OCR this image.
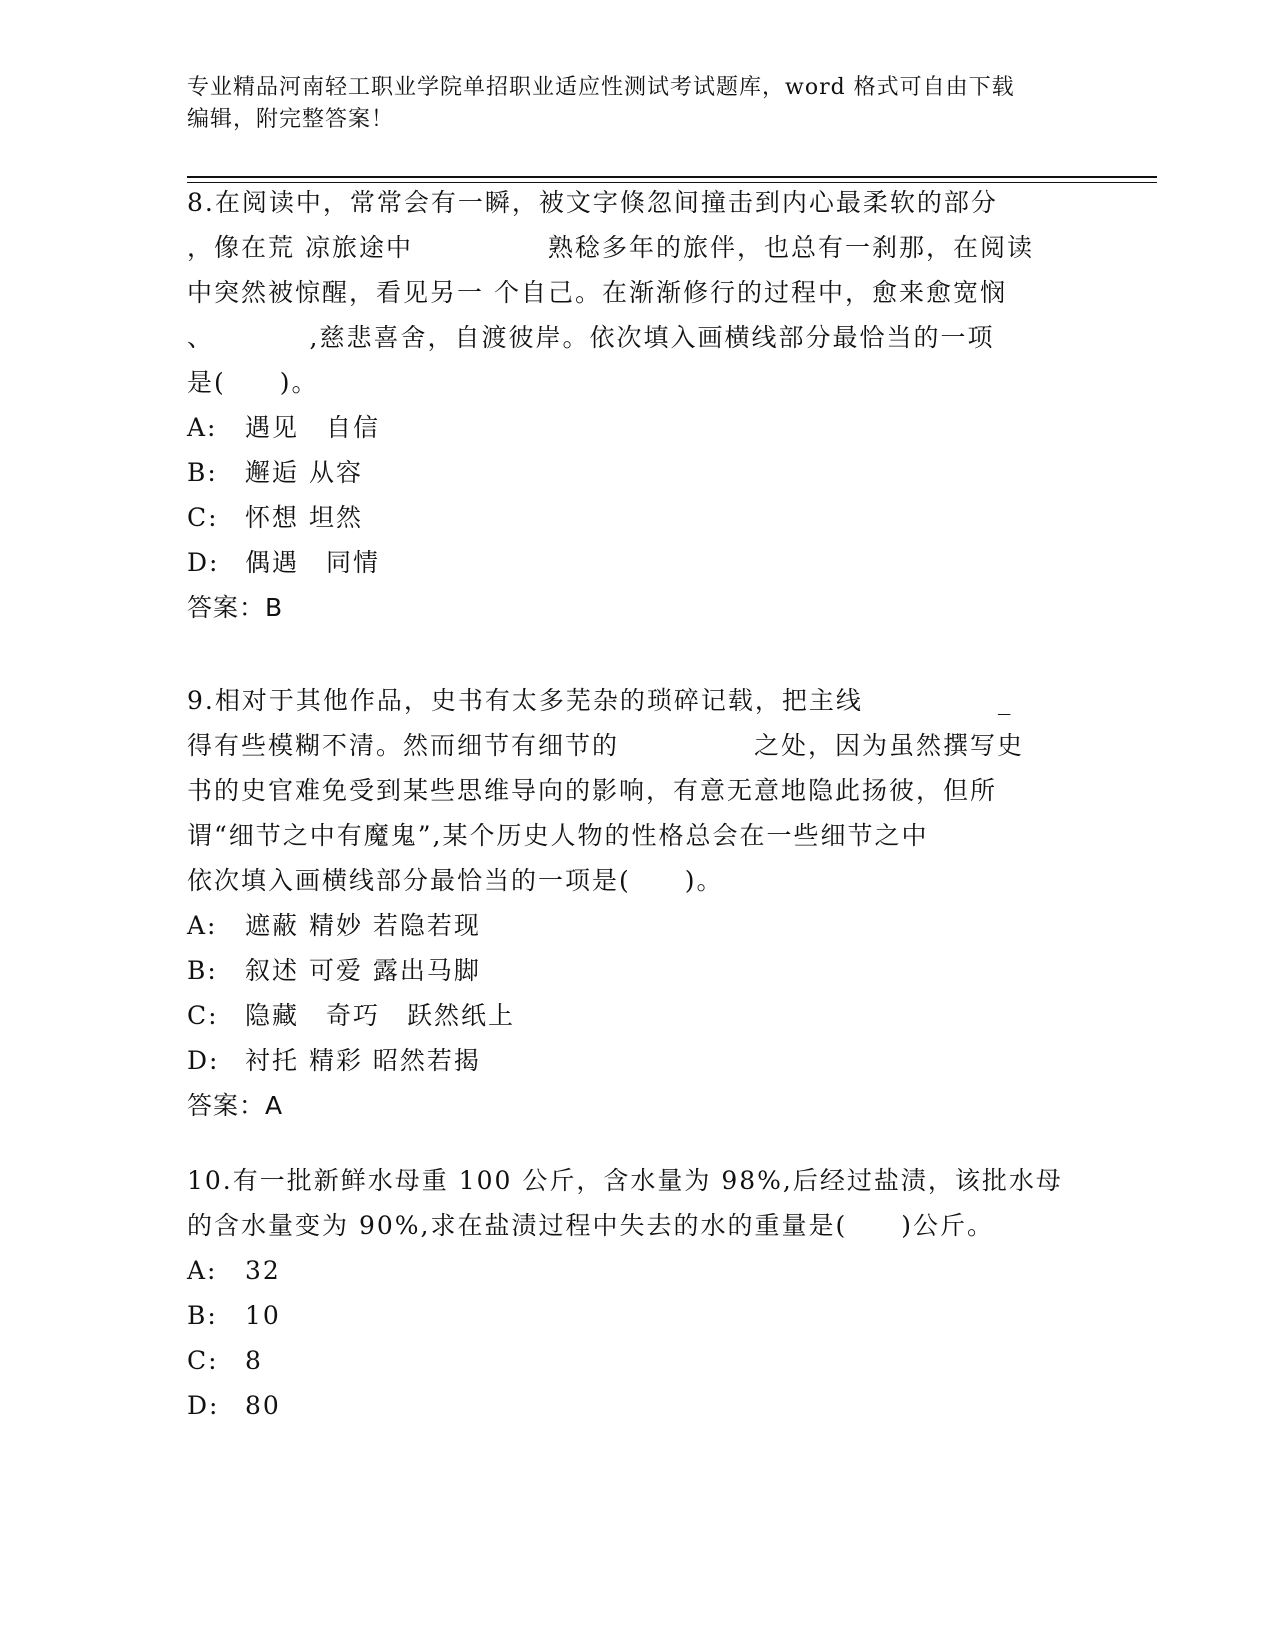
专业精品河南轻工职业学院单招职业适应性测试考试题库，word 格式可自由下载
编辑，附完整答案！
8.在阅读中，常常会有一瞬，被文字倏忽间撞击到内心最柔软的部分
，像在荒 凉旅途中　　　　　熟稔多年的旅伴，也总有一刹那，在阅读
中突然被惊醒，看见另一 个自己。在渐渐修行的过程中，愈来愈宽悯
、　　　　,慈悲喜舍，自渡彼岸。依次填入画横线部分最恰当的一项
是(　　)。
A: 遇见　自信
B: 邂逅 从容
C: 怀想 坦然
D: 偶遇　同情
答案：B
9.相对于其他作品，史书有太多芜杂的琐碎记载，把主线　　　　　_
得有些模糊不清。然而细节有细节的　　　　　之处，因为虽然撰写史
书的史官难免受到某些思维导向的影响，有意无意地隐此扬彼，但所
谓“细节之中有魔鬼”,某个历史人物的性格总会在一些细节之中
依次填入画横线部分最恰当的一项是(　　)。
A: 遮蔽 精妙 若隐若现
B: 叙述 可爱 露出马脚
C: 隐藏　奇巧　跃然纸上
D: 衬托 精彩 昭然若揭
答案：A
10.有一批新鲜水母重 100 公斤，含水量为 98%,后经过盐渍，该批水母
的含水量变为 90%,求在盐渍过程中失去的水的重量是(　　)公斤。
A: 32
B: 10
C: 8
D: 80
